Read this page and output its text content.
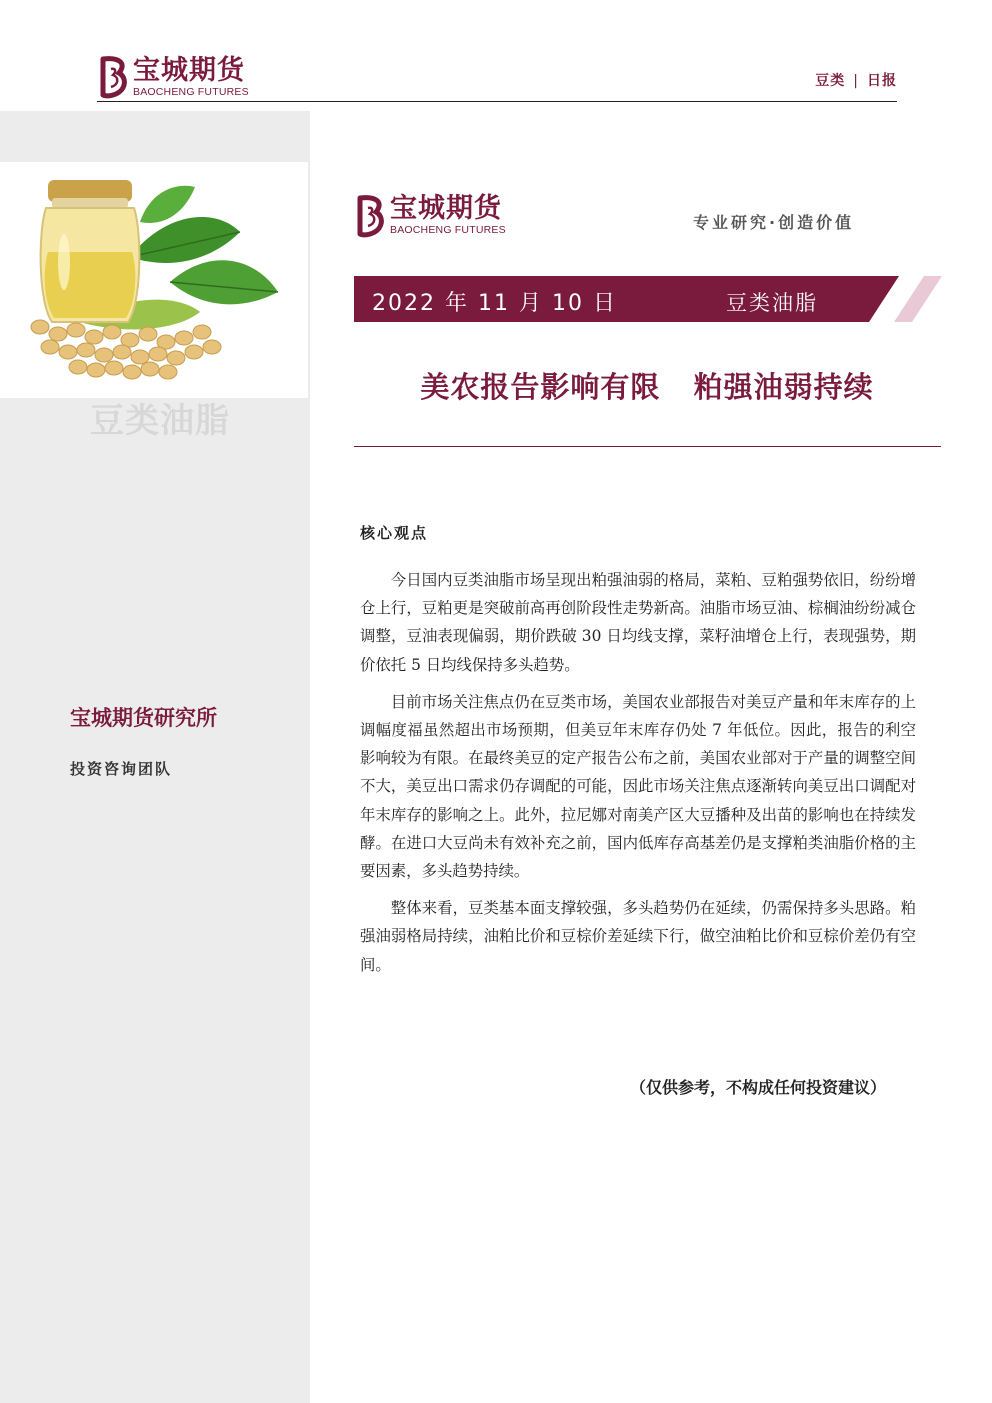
宝城期货
BAOCHENG FUTURES
豆类 | 日报
豆类油脂
宝城期货研究所
投资咨询团队
宝城期货
BAOCHENG FUTURES	专业研究·创造价值
2022 年 11 月 10 日	豆类油脂
美农报告影响有限   粕强油弱持续
核心观点

今日国内豆类油脂市场呈现出粕强油弱的格局，菜粕、豆粕强势依旧，纷纷增仓上行，豆粕更是突破前高再创阶段性走势新高。油脂市场豆油、棕榈油纷纷减仓调整，豆油表现偏弱，期价跌破 30 日均线支撑，菜籽油增仓上行，表现强势，期价依托 5 日均线保持多头趋势。

目前市场关注焦点仍在豆类市场，美国农业部报告对美豆产量和年末库存的上调幅度福虽然超出市场预期，但美豆年末库存仍处 7 年低位。因此，报告的利空影响较为有限。在最终美豆的定产报告公布之前，美国农业部对于产量的调整空间不大，美豆出口需求仍存调配的可能，因此市场关注焦点逐渐转向美豆出口调配对年末库存的影响之上。此外，拉尼娜对南美产区大豆播种及出苗的影响也在持续发酵。在进口大豆尚未有效补充之前，国内低库存高基差仍是支撑粕类油脂价格的主要因素，多头趋势持续。

整体来看，豆类基本面支撑较强，多头趋势仍在延续，仍需保持多头思路。粕强油弱格局持续，油粕比价和豆棕价差延续下行，做空油粕比价和豆棕价差仍有空间。

（仅供参考，不构成任何投资建议）
